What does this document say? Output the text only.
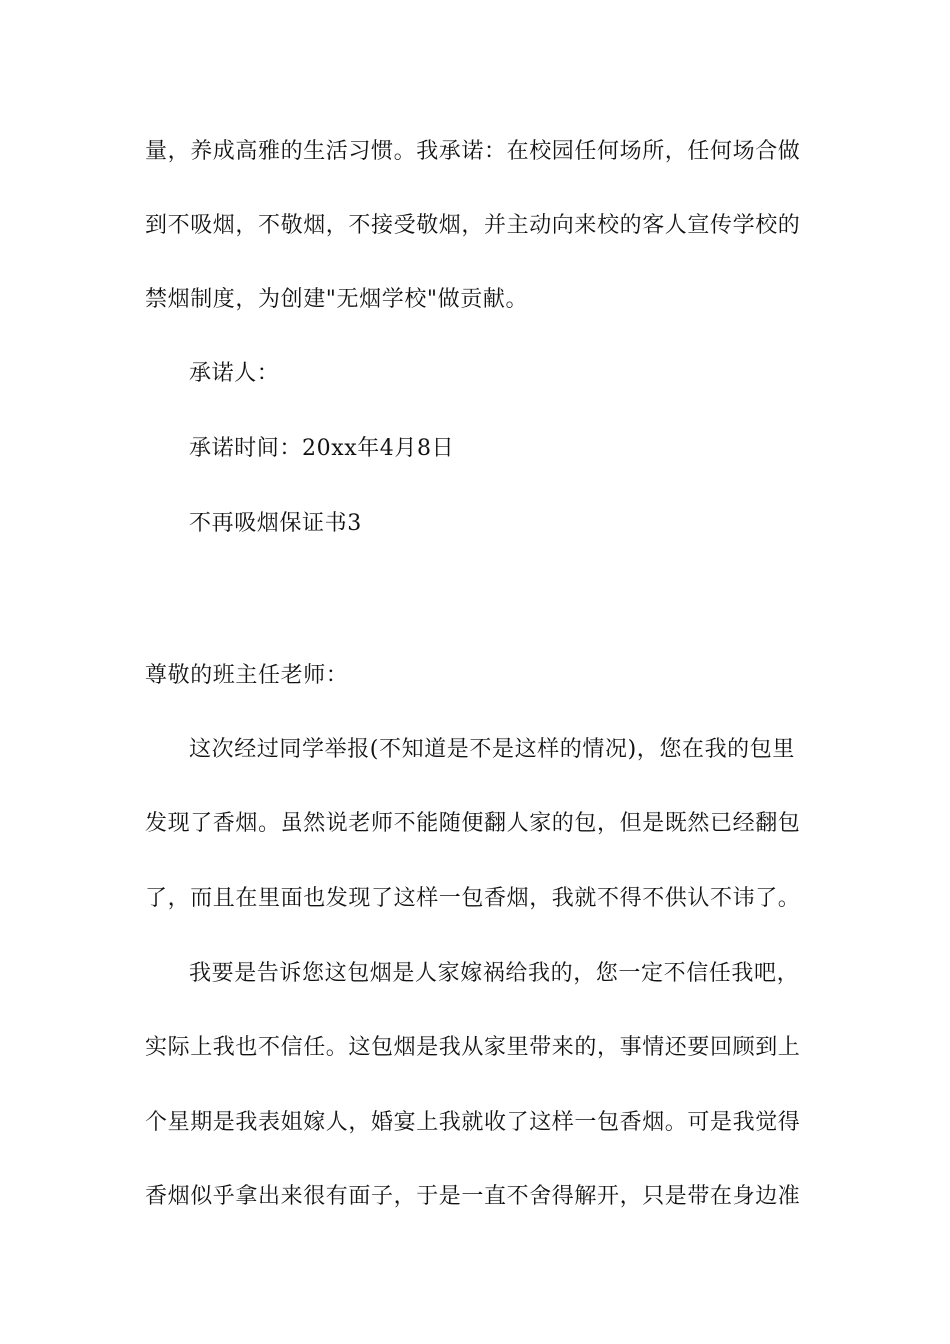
量，养成高雅的生活习惯。我承诺：在校园任何场所，任何场合做
到不吸烟，不敬烟，不接受敬烟，并主动向来校的客人宣传学校的
禁烟制度，为创建"无烟学校"做贡献。
承诺人：
承诺时间：20xx年4月8日
不再吸烟保证书3
尊敬的班主任老师：
这次经过同学举报(不知道是不是这样的情况)，您在我的包里
发现了香烟。虽然说老师不能随便翻人家的包，但是既然已经翻包
了，而且在里面也发现了这样一包香烟，我就不得不供认不讳了。
我要是告诉您这包烟是人家嫁祸给我的，您一定不信任我吧，
实际上我也不信任。这包烟是我从家里带来的，事情还要回顾到上
个星期是我表姐嫁人，婚宴上我就收了这样一包香烟。可是我觉得
香烟似乎拿出来很有面子，于是一直不舍得解开，只是带在身边准
